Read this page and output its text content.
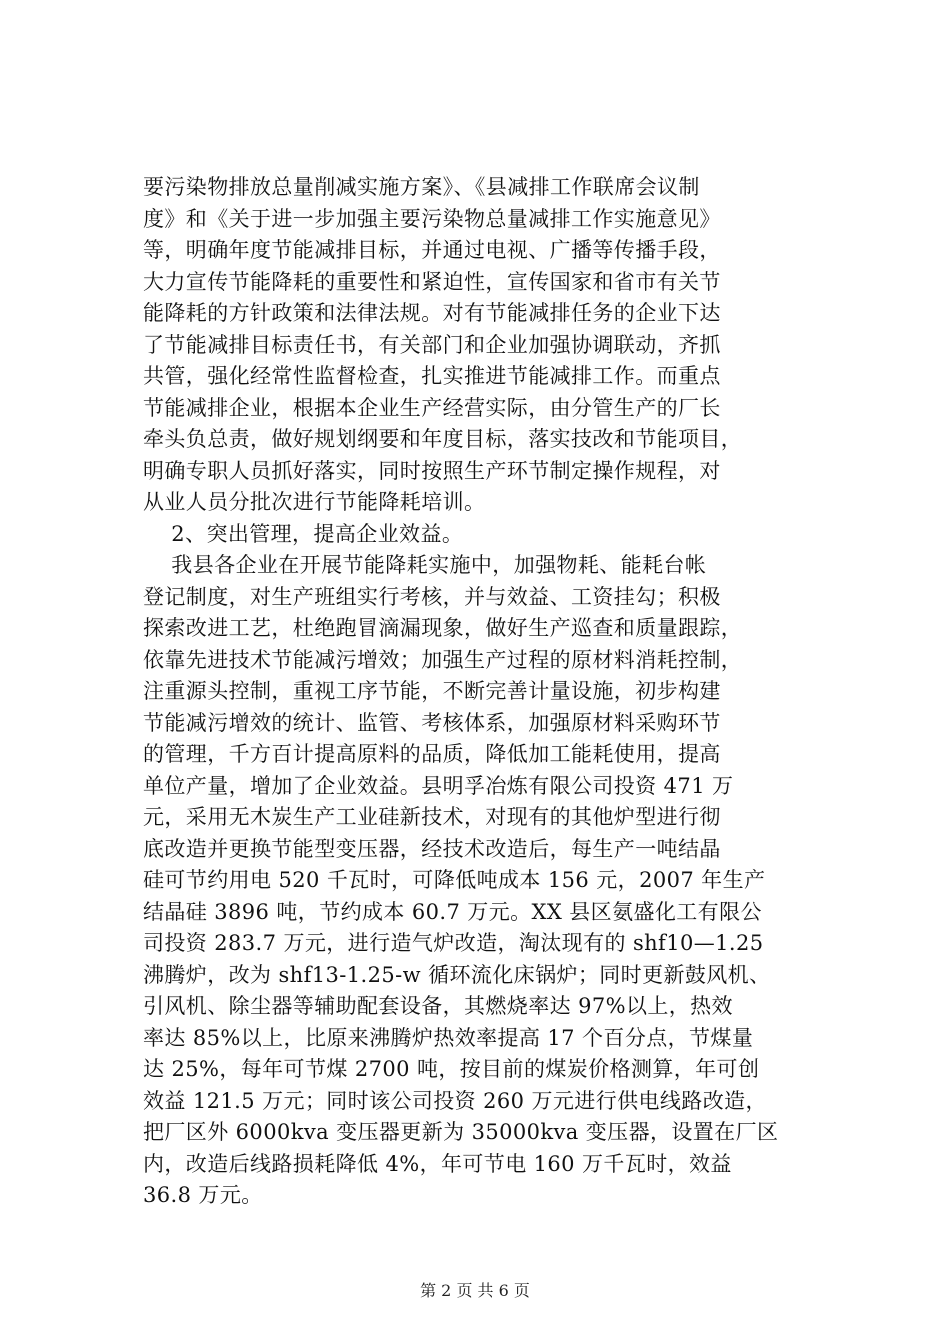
要污染物排放总量削减实施方案》、《县减排工作联席会议制
度》和《关于进一步加强主要污染物总量减排工作实施意见》
等，明确年度节能减排目标，并通过电视、广播等传播手段，
大力宣传节能降耗的重要性和紧迫性，宣传国家和省市有关节
能降耗的方针政策和法律法规。对有节能减排任务的企业下达
了节能减排目标责任书，有关部门和企业加强协调联动，齐抓
共管，强化经常性监督检查，扎实推进节能减排工作。而重点
节能减排企业，根据本企业生产经营实际，由分管生产的厂长
牵头负总责，做好规划纲要和年度目标，落实技改和节能项目，
明确专职人员抓好落实，同时按照生产环节制定操作规程，对
从业人员分批次进行节能降耗培训。
2、突出管理，提高企业效益。
我县各企业在开展节能降耗实施中，加强物耗、能耗台帐
登记制度，对生产班组实行考核，并与效益、工资挂勾；积极
探索改进工艺，杜绝跑冒滴漏现象，做好生产巡查和质量跟踪，
依靠先进技术节能减污增效；加强生产过程的原材料消耗控制，
注重源头控制，重视工序节能，不断完善计量设施，初步构建
节能减污增效的统计、监管、考核体系，加强原材料采购环节
的管理，千方百计提高原料的品质，降低加工能耗使用，提高
单位产量，增加了企业效益。县明孚冶炼有限公司投资 471 万
元，采用无木炭生产工业硅新技术，对现有的其他炉型进行彻
底改造并更换节能型变压器，经技术改造后，每生产一吨结晶
硅可节约用电 520 千瓦时，可降低吨成本 156 元，2007 年生产
结晶硅 3896 吨，节约成本 60.7 万元。XX 县区氨盛化工有限公
司投资 283.7 万元，进行造气炉改造，淘汰现有的 shf10—1.25
沸腾炉，改为 shf13-1.25-w 循环流化床锅炉；同时更新鼓风机、
引风机、除尘器等辅助配套设备，其燃烧率达 97%以上，热效
率达 85%以上，比原来沸腾炉热效率提高 17 个百分点，节煤量
达 25%，每年可节煤 2700 吨，按目前的煤炭价格测算，年可创
效益 121.5 万元；同时该公司投资 260 万元进行供电线路改造，
把厂区外 6000kva 变压器更新为 35000kva 变压器，设置在厂区
内，改造后线路损耗降低 4%，年可节电 160 万千瓦时，效益
36.8 万元。
第 2 页 共 6 页
